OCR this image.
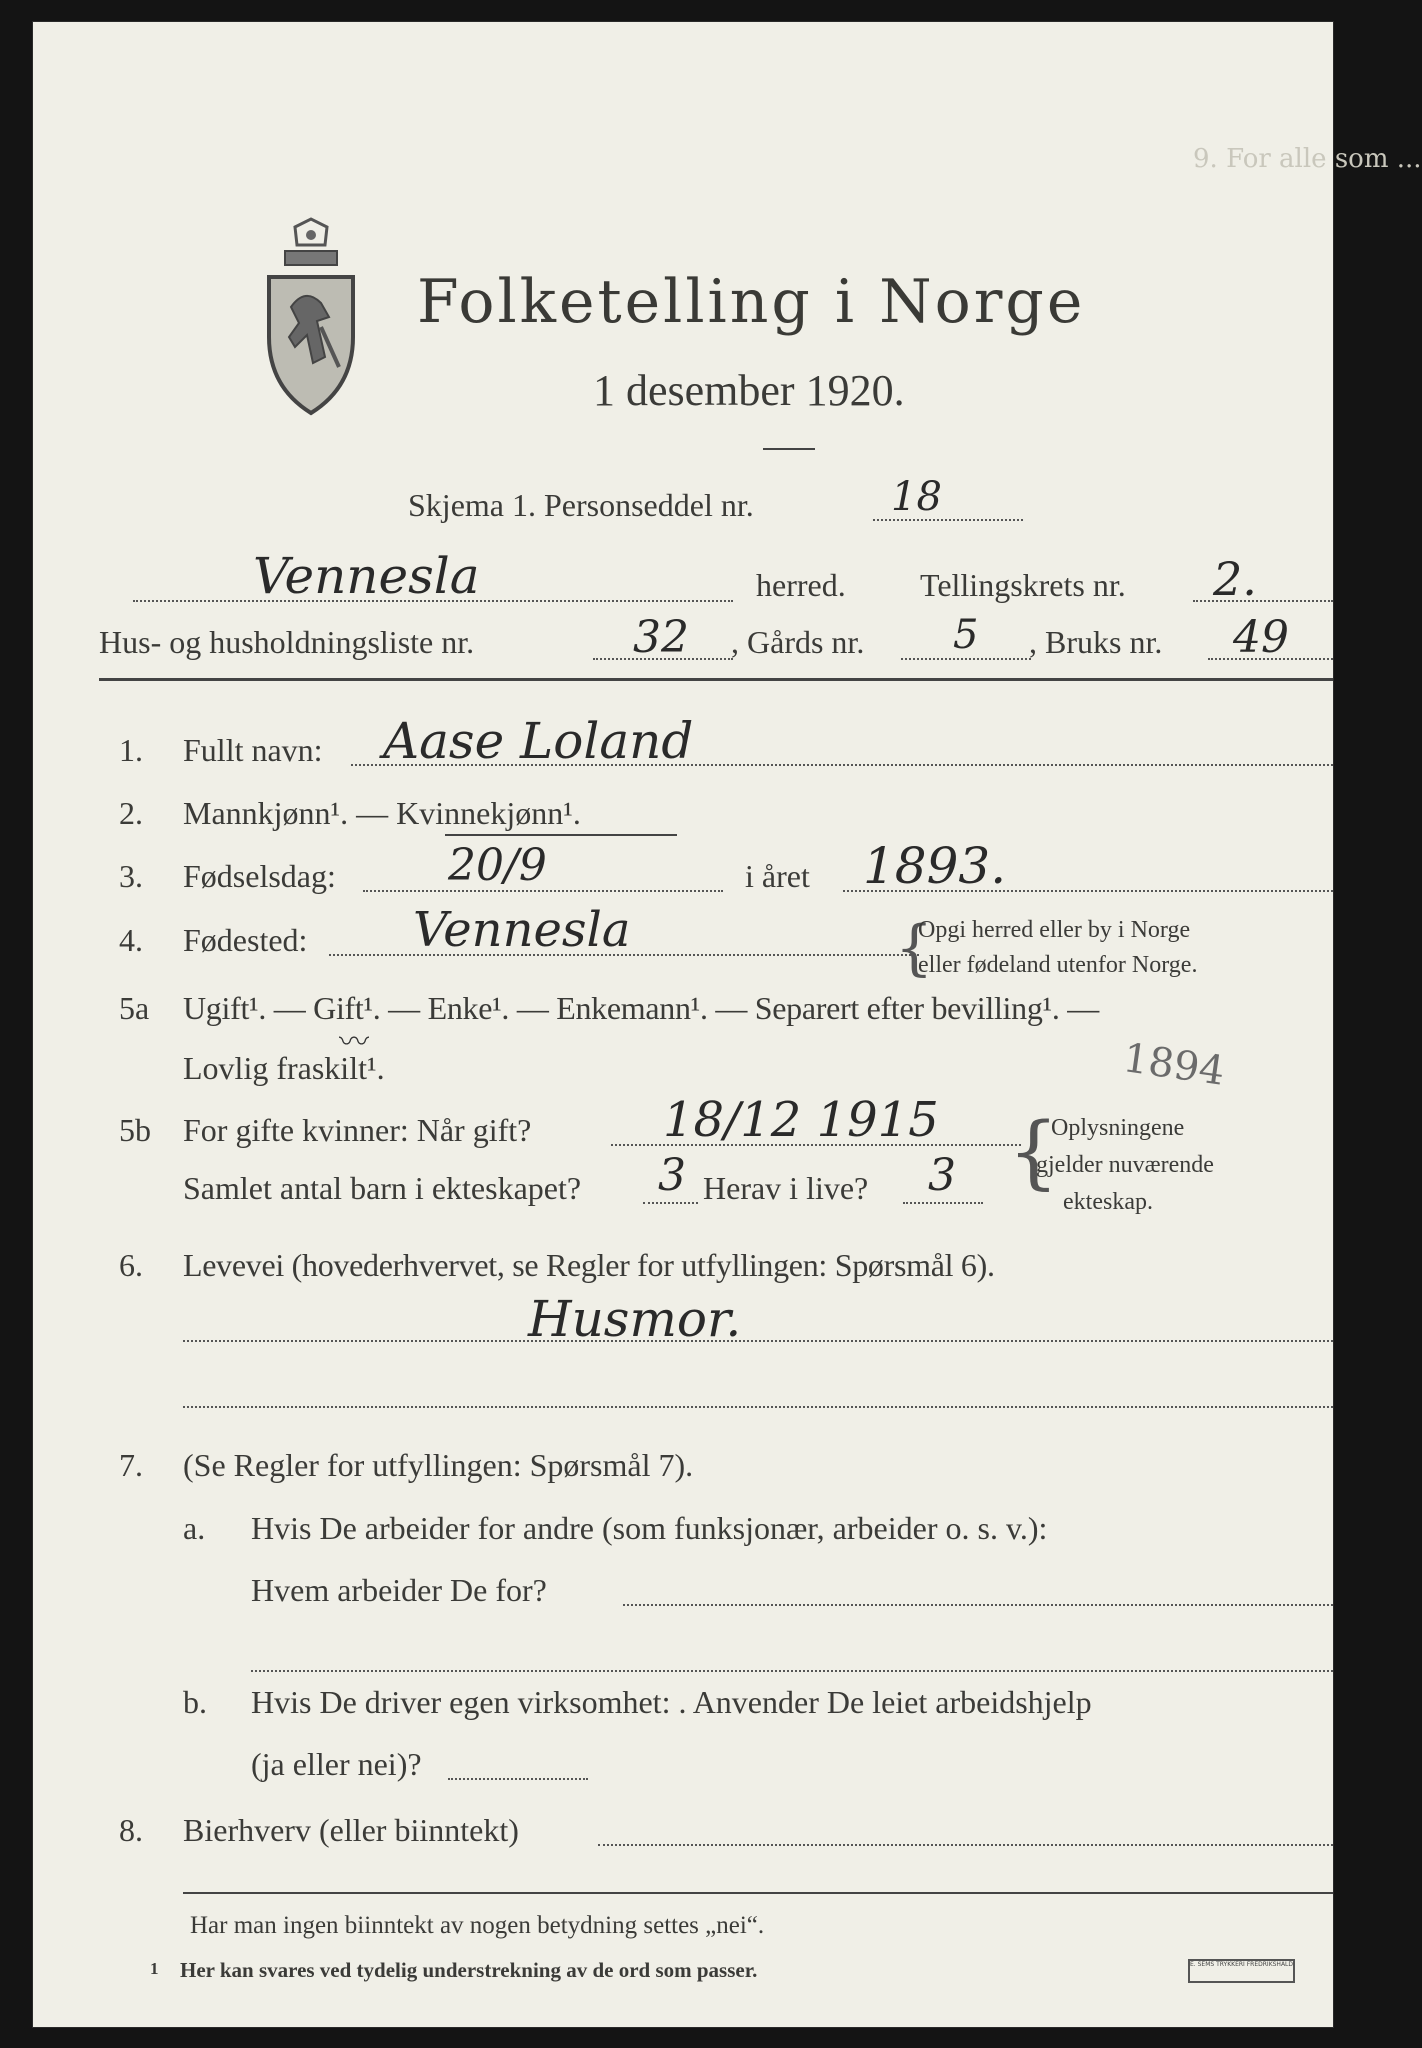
9. For alle som ...
Folketelling i Norge
1 desember 1920.
Skjema 1. Personseddel nr.	18
Vennesla	herred. Tellingskrets nr. 2.
Hus- og husholdningsliste nr.	32 , Gårds nr. 5 , Bruks nr. 49
1. Fullt navn: Aase Loland
2. Mannkjønn¹. — Kvinnekjønn¹.
3. Fødselsdag:	20/9	i året 1893.
4. Fødested: Vennesla	{
Opgi herred eller by i Norge
eller fødeland utenfor Norge.
5a Ugift¹. — Gift¹. — Enke¹. — Enkemann¹. — Separert efter bevilling¹. —
〰
Lovlig fraskilt¹.	1894
5b For gifte kvinner: Når gift?	18/12 1915
Samlet antal barn i ekteskapet? 3 Herav i live? 3 {
Oplysningene
gjelder nuværende
ekteskap.
6. Levevei (hovederhvervet, se Regler for utfyllingen: Spørsmål 6).
Husmor.
7. (Se Regler for utfyllingen: Spørsmål 7).
a. Hvis De arbeider for andre (som funksjonær, arbeider o. s. v.):
Hvem arbeider De for?
b. Hvis De driver egen virksomhet: . Anvender De leiet arbeidshjelp
(ja eller nei)?
8. Bierhverv (eller biinntekt)
Har man ingen biinntekt av nogen betydning settes „nei“.
1 Her kan svares ved tydelig understrekning av de ord som passer.	E. SEMS TRYKKERI FREDRIKSHALD
